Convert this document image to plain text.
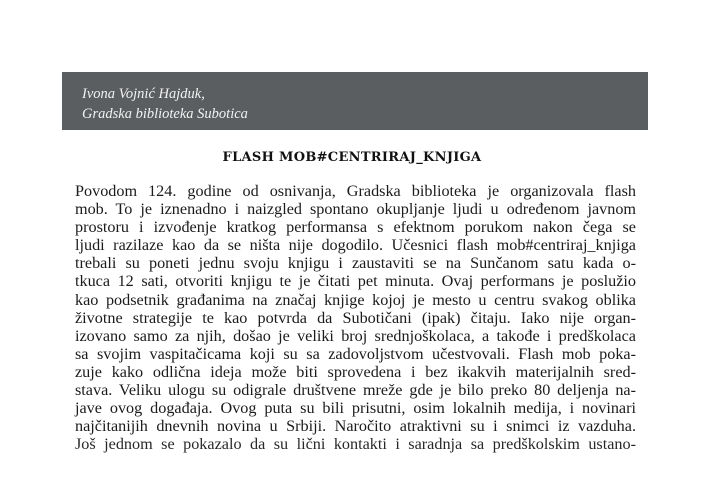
Ivona Vojnić Hajduk,

Gradska biblioteka Subotica

FLASH MOB#CENTRIRAJ_KNJIGA
Povodom 124. godine od osnivanja, Gradska biblioteka je organizovala flash
mob. To je iznenadno i naizgled spontano okupljanje ljudi u određenom javnom
prostoru i izvođenje kratkog performansa s efektnom porukom nakon čega se
ljudi razilaze kao da se ništa nije dogodilo. Učesnici flash mob#centriraj_knjiga
trebali su poneti jednu svoju knjigu i zaustaviti se na Sunčanom satu kada o-
tkuca 12 sati, otvoriti knjigu te je čitati pet minuta. Ovaj performans je poslužio
kao podsetnik građanima na značaj knjige kojoj je mesto u centru svakog oblika
životne strategije te kao potvrda da Subotičani (ipak) čitaju. Iako nije organ-
izovano samo za njih, došao je veliki broj srednjoškolaca, a takođe i predškolaca
sa svojim vaspitačicama koji su sa zadovoljstvom učestvovali. Flash mob poka-
zuje kako odlična ideja može biti sprovedena i bez ikakvih materijalnih sred-
stava. Veliku ulogu su odigrale društvene mreže gde je bilo preko 80 deljenja na-
jave ovog događaja. Ovog puta su bili prisutni, osim lokalnih medija, i novinari
najčitanijih dnevnih novina u Srbiji. Naročito atraktivni su i snimci iz vazduha.
Još jednom se pokazalo da su lični kontakti i saradnja sa predškolskim ustano-
